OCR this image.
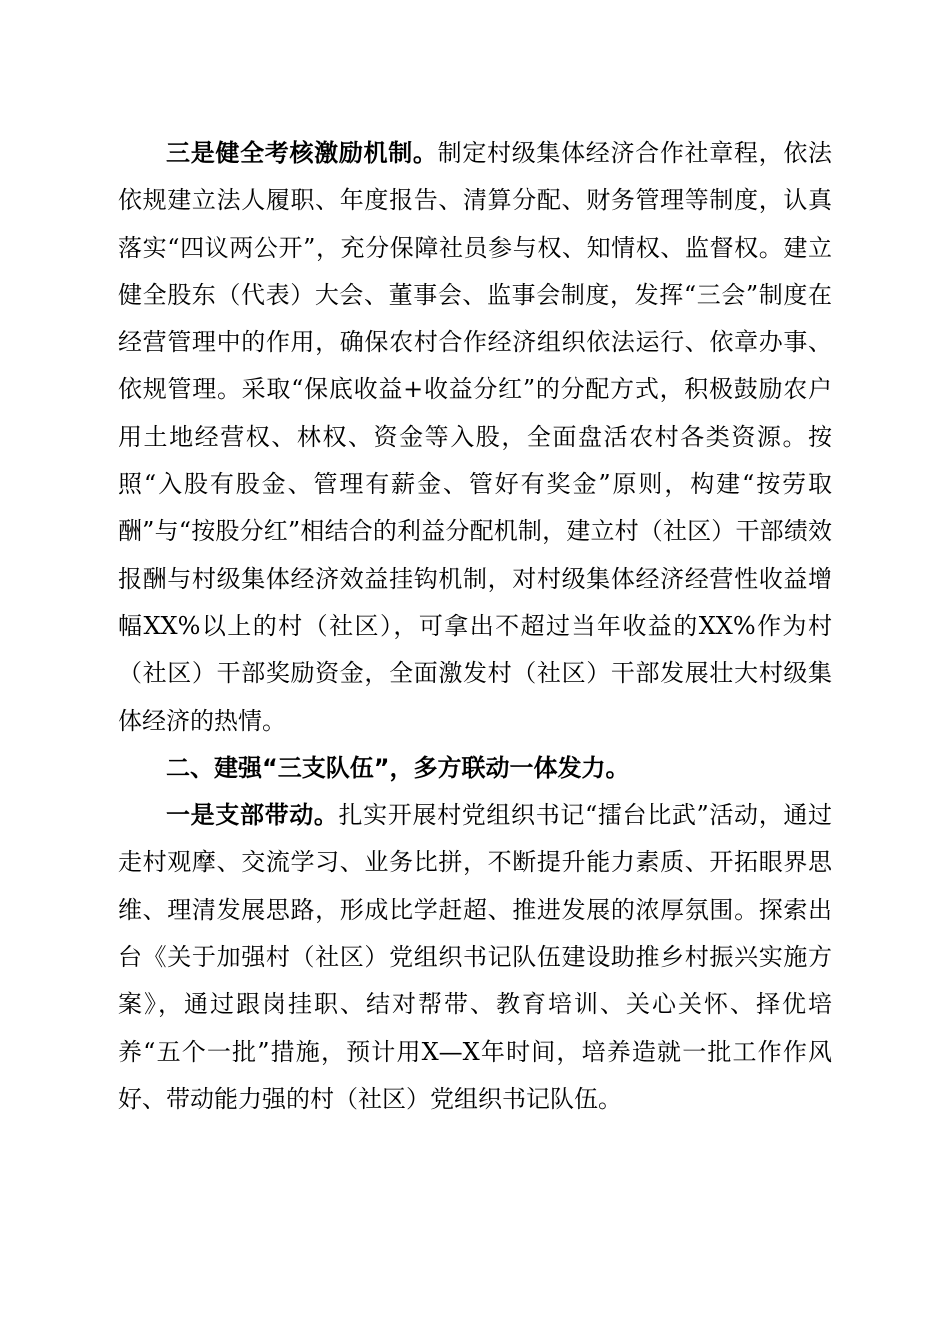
三是健全考核激励机制。制定村级集体经济合作社章程，依法依规建立法人履职、年度报告、清算分配、财务管理等制度，认真落实“四议两公开”，充分保障社员参与权、知情权、监督权。建立健全股东（代表）大会、董事会、监事会制度，发挥“三会”制度在经营管理中的作用，确保农村合作经济组织依法运行、依章办事、依规管理。采取“保底收益+收益分红”的分配方式，积极鼓励农户用土地经营权、林权、资金等入股，全面盘活农村各类资源。按照“入股有股金、管理有薪金、管好有奖金”原则，构建“按劳取酬”与“按股分红”相结合的利益分配机制，建立村（社区）干部绩效报酬与村级集体经济效益挂钩机制，对村级集体经济经营性收益增幅XX%以上的村（社区），可拿出不超过当年收益的XX%作为村（社区）干部奖励资金，全面激发村（社区）干部发展壮大村级集体经济的热情。

二、建强“三支队伍”，多方联动一体发力。

一是支部带动。扎实开展村党组织书记“擂台比武”活动，通过走村观摩、交流学习、业务比拼，不断提升能力素质、开拓眼界思维、理清发展思路，形成比学赶超、推进发展的浓厚氛围。探索出台《关于加强村（社区）党组织书记队伍建设助推乡村振兴实施方案》，通过跟岗挂职、结对帮带、教育培训、关心关怀、择优培养“五个一批”措施，预计用X—X年时间，培养造就一批工作作风好、带动能力强的村（社区）党组织书记队伍。
